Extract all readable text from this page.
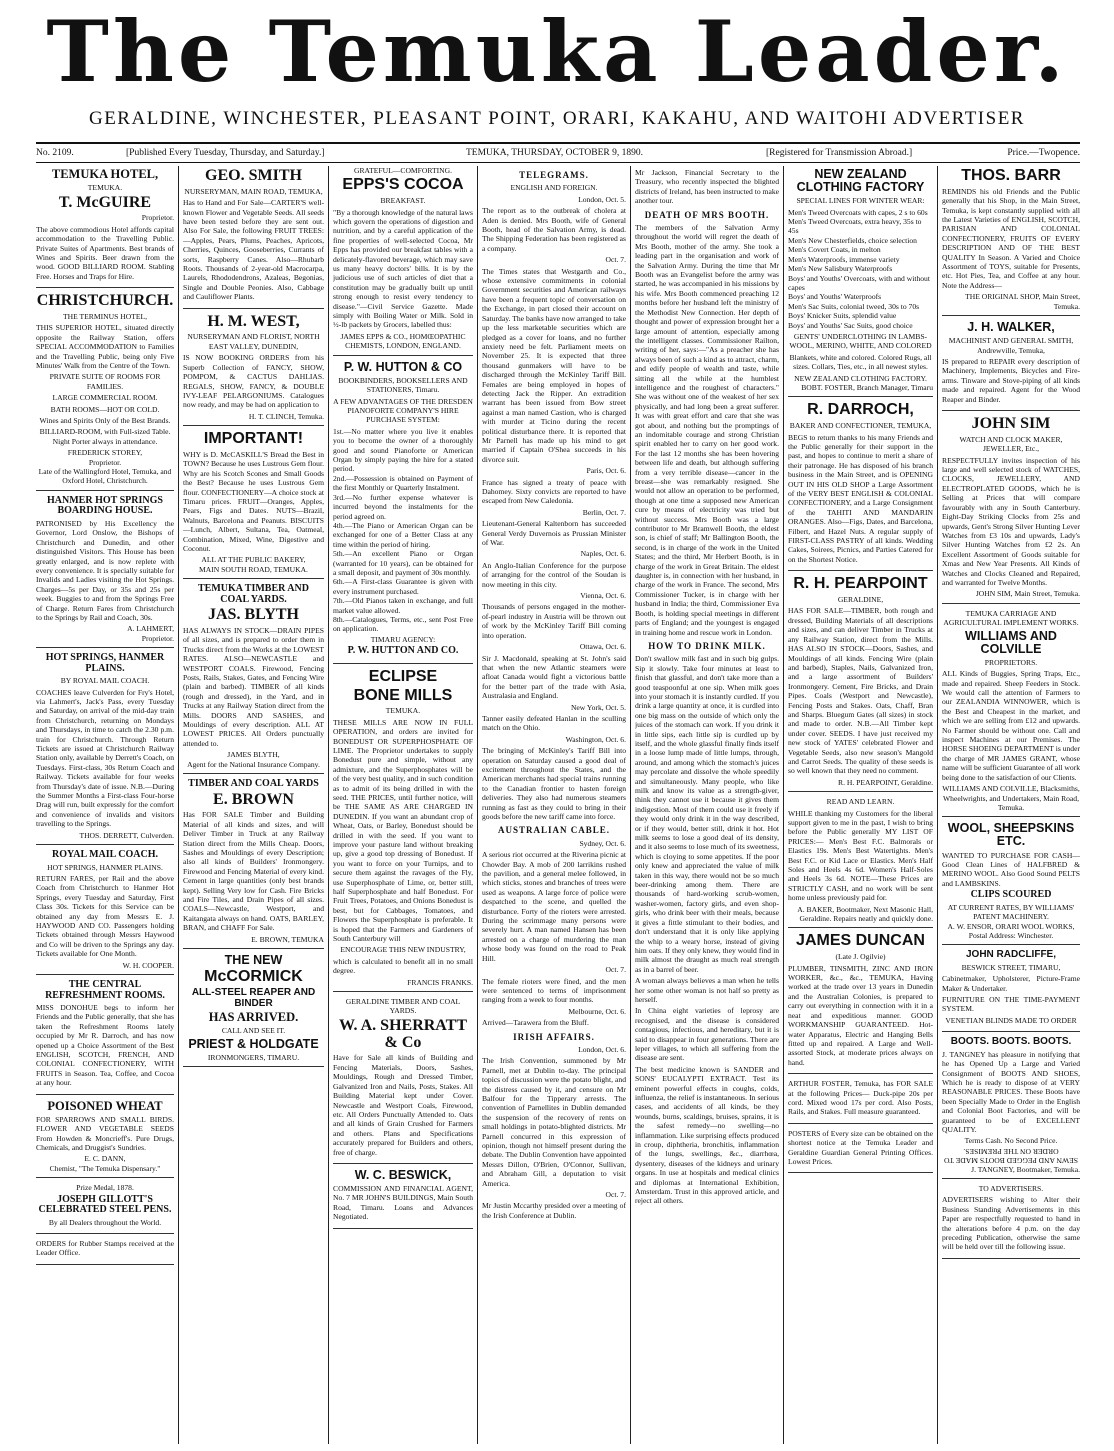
The Temuka Leader.
GERALDINE, WINCHESTER, PLEASANT POINT, ORARI, KAKAHU, AND WAITOHI ADVERTISER
No. 2109.	[Published Every Tuesday, Thursday, and Saturday.]	TEMUKA, THURSDAY, OCTOBER 9, 1890.	[Registered for Transmission Abroad.]	Price.—Twopence.
TEMUKA HOTEL,
TEMUKA.
T. McGUIRE
Proprietor.

The above commodious Hotel affords capital accommodation to the Travelling Public. Private Suites of Apartments. Best brands of Wines and Spirits. Beer drawn from the wood. GOOD BILLIARD ROOM. Stabling Free. Horses and Traps for Hire.

CHRISTCHURCH.
THE TERMINUS HOTEL,

THIS SUPERIOR HOTEL, situated directly opposite the Railway Station, offers SPECIAL ACCOMMODATION to Families and the Travelling Public, being only Five Minutes' Walk from the Centre of the Town.

PRIVATE SUITE OF ROOMS FOR FAMILIES.

LARGE COMMERCIAL ROOM.

BATH ROOMS—HOT OR COLD.

Wines and Spirits Only of the Best Brands.

BILLIARD-ROOM, with Full-sized Table. Night Porter always in attendance.

FREDERICK STOREY,
Proprietor.
Late of the Wallingford Hotel, Temuka, and Oxford Hotel, Christchurch.
HANMER HOT SPRINGS BOARDING HOUSE.

PATRONISED by His Excellency the Governor, Lord Onslow, the Bishops of Christchurch and Dunedin, and other distinguished Visitors. This House has been greatly enlarged, and is now replete with every convenience. It is specially suitable for Invalids and Ladies visiting the Hot Springs. Charges—5s per Day, or 35s and 25s per week. Buggies to and from the Springs Free of Charge. Return Fares from Christchurch to the Springs by Rail and Coach, 30s.

A. LAHMERT,
Proprietor.
HOT SPRINGS, HANMER PLAINS.
BY ROYAL MAIL COACH.

COACHES leave Culverden for Fry's Hotel, via Lahmert's, Jack's Pass, every Tuesday and Saturday, on arrival of the mid-day train from Christchurch, returning on Mondays and Thursdays, in time to catch the 2.30 p.m. train for Christchurch. Through Return Tickets are issued at Christchurch Railway Station only, available by Derrett's Coach, on Tuesdays. First-class, 30s Return Coach and Railway. Tickets available for four weeks from Thursday's date of issue. N.B.—During the Summer Months a First-class Four-horse Drag will run, built expressly for the comfort and convenience of invalids and visitors travelling to the Springs.

THOS. DERRETT, Culverden.
ROYAL MAIL COACH.
HOT SPRINGS, HANMER PLAINS.

RETURN FARES, per Rail and the above Coach from Christchurch to Hanmer Hot Springs, every Tuesday and Saturday, First Class 30s. Tickets for this Service can be obtained any day from Messrs E. J. HAYWOOD AND CO. Passengers holding Tickets obtained through Messrs Haywood and Co will be driven to the Springs any day. Tickets available for One Month.

W. H. COOPER.
THE CENTRAL REFRESHMENT ROOMS.

MISS DONOHUE begs to inform her Friends and the Public generally, that she has taken the Refreshment Rooms lately occupied by Mr R. Darroch, and has now opened up a Choice Assortment of the Best ENGLISH, SCOTCH, FRENCH, AND COLONIAL CONFECTIONERY, WITH FRUITS in Season. Tea, Coffee, and Cocoa at any hour.

POISONED WHEAT

FOR SPARROWS AND SMALL BIRDS. FLOWER AND VEGETABLE SEEDS From Howden & Moncrieff's. Pure Drugs, Chemicals, and Druggist's Sundries.

E. C. DANN,
Chemist, "The Temuka Dispensary."
Prize Medal, 1878.
JOSEPH GILLOTT'S CELEBRATED STEEL PENS.

By all Dealers throughout the World.

ORDERS for Rubber Stamps received at the Leader Office.

GEO. SMITH
NURSERYMAN, MAIN ROAD, TEMUKA,

Has to Hand and For Sale—CARTER'S well-known Flower and Vegetable Seeds. All seeds have been tested before they are sent out. Also For Sale, the following FRUIT TREES:—Apples, Pears, Plums, Peaches, Apricots, Cherries, Quinces, Gooseberries, Currants of sorts, Raspberry Canes. Also—Rhubarb Roots. Thousands of 2-year-old Macrocarpa, Laurels, Rhododendrons, Azaleas, Begonias, Single and Double Peonies. Also, Cabbage and Cauliflower Plants.

H. M. WEST,
NURSERYMAN AND FLORIST, NORTH EAST VALLEY, DUNEDIN,

IS NOW BOOKING ORDERS from his Superb Collection of FANCY, SHOW, POMPOM, & CACTUS DAHLIAS. REGALS, SHOW, FANCY, & DOUBLE IVY-LEAF PELARGONIUMS. Catalogues now ready, and may be had on application to

H. T. CLINCH, Temuka.
IMPORTANT!

WHY is D. McCASKILL'S Bread the Best in TOWN? Because he uses Lustrous Gem flour. Why are his Scotch Scones and Small Goods the Best? Because he uses Lustrous Gem flour. CONFECTIONERY—A choice stock at Timaru prices. FRUIT—Oranges, Apples, Pears, Figs and Dates. NUTS—Brazil, Walnuts, Barcelona and Peanuts. BISCUITS—Lunch, Albert, Sultana, Tea, Oatmeal, Combination, Mixed, Wine, Digestive and Coconut.

ALL AT THE PUBLIC BAKERY,
MAIN SOUTH ROAD, TEMUKA.
TEMUKA TIMBER AND COAL YARDS.
JAS. BLYTH

HAS ALWAYS IN STOCK—DRAIN PIPES of all sizes, and is prepared to order them in Trucks direct from the Works at the LOWEST RATES. ALSO—NEWCASTLE and WESTPORT COALS. Firewood, Fencing Posts, Rails, Stakes, Gates, and Fencing Wire (plain and barbed). TIMBER of all kinds (rough and dressed), in the Yard, and in Trucks at any Railway Station direct from the Mills. DOORS AND SASHES, and Mouldings of every description. ALL AT LOWEST PRICES. All Orders punctually attended to.

JAMES BLYTH,
Agent for the National Insurance Company.
TIMBER AND COAL YARDS
E. BROWN

Has FOR SALE Timber and Building Material of all kinds and sizes, and will Deliver Timber in Truck at any Railway Station direct from the Mills Cheap. Doors, Sashes and Mouldings of every Description; also all kinds of Builders' Ironmongery. Firewood and Fencing Material of every kind. Cement in large quantities (only best brands kept). Selling Very low for Cash. Fire Bricks and Fire Tiles, and Drain Pipes of all sizes. COALS—Newcastle, Westport, and Kaitangata always on hand. OATS, BARLEY, BRAN, and CHAFF For Sale.

E. BROWN, TEMUKA
THE NEW
McCORMICK
ALL-STEEL REAPER AND BINDER
HAS ARRIVED.
CALL AND SEE IT.
PRIEST & HOLDGATE
IRONMONGERS, TIMARU.
GRATEFUL—COMFORTING.
EPPS'S COCOA
BREAKFAST.

"By a thorough knowledge of the natural laws which govern the operations of digestion and nutrition, and by a careful application of the fine properties of well-selected Cocoa, Mr Epps has provided our breakfast tables with a delicately-flavored beverage, which may save us many heavy doctors' bills. It is by the judicious use of such articles of diet that a constitution may be gradually built up until strong enough to resist every tendency to disease."—Civil Service Gazette. Made simply with Boiling Water or Milk. Sold in ½-lb packets by Grocers, labelled thus:

JAMES EPPS & CO., HOMŒOPATHIC CHEMISTS, LONDON, ENGLAND.
P. W. HUTTON & CO
BOOKBINDERS, BOOKSELLERS AND STATIONERS, Timaru.

A FEW ADVANTAGES OF THE DRESDEN PIANOFORTE COMPANY'S HIRE PURCHASE SYSTEM:

1st.—No matter where you live it enables you to become the owner of a thoroughly good and sound Pianoforte or American Organ by simply paying the hire for a stated period.
2nd.—Possession is obtained on Payment of the first Monthly or Quarterly Instalment.
3rd.—No further expense whatever is incurred beyond the instalments for the period agreed on.
4th.—The Piano or American Organ can be exchanged for one of a Better Class at any time within the period of hiring.
5th.—An excellent Piano or Organ (warranted for 10 years), can be obtained for a small deposit, and payment of 30s monthly.
6th.—A First-class Guarantee is given with every instrument purchased.
7th.—Old Pianos taken in exchange, and full market value allowed.
8th.—Catalogues, Terms, etc., sent Post Free on application.
TIMARU AGENCY:
P. W. HUTTON AND CO.
ECLIPSE
BONE MILLS
TEMUKA.

THESE MILLS ARE NOW IN FULL OPERATION, and orders are invited for BONEDUST OR SUPERPHOSPHATE OF LIME. The Proprietor undertakes to supply Bonedust pure and simple, without any admixture, and the Superphosphates will be of the very best quality, and in such condition as to admit of its being drilled in with the seed. THE PRICES, until further notice, will be THE SAME AS ARE CHARGED IN DUNEDIN. If you want an abundant crop of Wheat, Oats, or Barley, Bonedust should be drilled in with the seed. If you want to improve your pasture land without breaking up, give a good top dressing of Bonedust. If you want to force on your Turnips, and to secure them against the ravages of the Fly, use Superphosphate of Lime, or, better still, half Superphosphate and half Bonedust. For Fruit Trees, Potatoes, and Onions Bonedust is best, but for Cabbages, Tomatoes, and Flowers the Superphosphate is preferable. It is hoped that the Farmers and Gardeners of South Canterbury will

ENCOURAGE THIS NEW INDUSTRY,

which is calculated to benefit all in no small degree.

FRANCIS FRANKS.
GERALDINE TIMBER AND COAL YARDS.
W. A. SHERRATT & Co

Have for Sale all kinds of Building and Fencing Materials, Doors, Sashes, Mouldings, Rough and Dressed Timber, Galvanized Iron and Nails, Posts, Stakes. All Building Material kept under Cover. Newcastle and Westport Coals, Firewood, etc. All Orders Punctually Attended to. Oats and all kinds of Grain Crushed for Farmers and others. Plans and Specifications accurately prepared for Builders and others, free of charge.

W. C. BESWICK,

COMMISSION AND FINANCIAL AGENT, No. 7 MR JOHN'S BUILDINGS, Main South Road, Timaru. Loans and Advances Negotiated.

TELEGRAMS.
ENGLISH AND FOREIGN.
London, Oct. 5.

The report as to the outbreak of cholera at Aden is denied. Mrs Booth, wife of General Booth, head of the Salvation Army, is dead. The Shipping Federation has been registered as a company.

Oct. 7.

The Times states that Westgarth and Co., whose extensive commitments in colonial Government securities and American railways have been a frequent topic of conversation on the Exchange, in part closed their account on Saturday. The banks have now arranged to take up the less marketable securities which are pledged as a cover for loans, and no further anxiety need be felt. Parliament meets on November 25. It is expected that three thousand gunmakers will have to be discharged through the McKinley Tariff Bill. Females are being employed in hopes of detecting Jack the Ripper. An extradition warrant has been issued from Bow street against a man named Castion, who is charged with murder at Ticino during the recent political disturbance there. It is reported that Mr Parnell has made up his mind to get married if Captain O'Shea succeeds in his divorce suit.

Paris, Oct. 6.

France has signed a treaty of peace with Dahomey. Sixty convicts are reported to have escaped from New Caledonia.

Berlin, Oct. 7.

Lieutenant-General Kaltenborn has succeeded General Verdy Duvernois as Prussian Minister of War.

Naples, Oct. 6.

An Anglo-Italian Conference for the purpose of arranging for the control of the Soudan is now meeting in this city.

Vienna, Oct. 6.

Thousands of persons engaged in the mother-of-pearl industry in Austria will be thrown out of work by the McKinley Tariff Bill coming into operation.

Ottawa, Oct. 6.

Sir J. Macdonald, speaking at St. John's said that when the new Atlantic steamers were afloat Canada would fight a victorious battle for the better part of the trade with Asia, Australasia and England.

New York, Oct. 5.

Tanner easily defeated Hanlan in the sculling match on the Ohio.

Washington, Oct. 6.

The bringing of McKinley's Tariff Bill into operation on Saturday caused a good deal of excitement throughout the States, and the American merchants had special trains running to the Canadian frontier to hasten foreign deliveries. They also had numerous steamers running as fast as they could to bring in their goods before the new tariff came into force.

AUSTRALIAN CABLE.
Sydney, Oct. 6.

A serious riot occurred at the Riverina picnic at Chowder Bay. A mob of 200 larrikins rushed the pavilion, and a general melee followed, in which sticks, stones and branches of trees were used as weapons. A large force of police were despatched to the scene, and quelled the disturbance. Forty of the rioters were arrested. During the scrimmage many persons were severely hurt. A man named Hansen has been arrested on a charge of murdering the man whose body was found on the road to Peak Hill.

Oct. 7.

The female rioters were fined, and the men were sentenced to terms of imprisonment ranging from a week to four months.

Melbourne, Oct. 6.

Arrived—Tarawera from the Bluff.

IRISH AFFAIRS.
London, Oct. 6.

The Irish Convention, summoned by Mr Parnell, met at Dublin to-day. The principal topics of discussion were the potato blight, and the distress caused by it, and censure on Mr Balfour for the Tipperary arrests. The convention of Parnellites in Dublin demanded the suspension of the recovery of rents on small holdings in potato-blighted districts. Mr Parnell concurred in this expression of opinion, though not himself present during the debate. The Dublin Convention have appointed Messrs Dillon, O'Brien, O'Connor, Sullivan, and Abraham Gill, a deputation to visit America.

Oct. 7.

Mr Justin Mccarthy presided over a meeting of the Irish Conference at Dublin.

Mr Jackson, Financial Secretary to the Treasury, who recently inspected the blighted districts of Ireland, has been instructed to make another tour.

DEATH OF MRS BOOTH.

The members of the Salvation Army throughout the world will regret the death of Mrs Booth, mother of the army. She took a leading part in the organisation and work of the Salvation Army. During the time that Mr Booth was an Evangelist before the army was started, he was accompanied in his missions by his wife. Mrs Booth commenced preaching 12 months before her husband left the ministry of the Methodist New Connection. Her depth of thought and power of expression brought her a large amount of attention, especially among the intelligent classes. Commissioner Railton, writing of her, says:—"As a preacher she has always been of such a kind as to attract, charm, and edify people of wealth and taste, while sitting all the while at the humblest intelligence and the roughest of characters." She was without one of the weakest of her sex physically, and had long been a great sufferer. It was with great effort and care that she was got about, and nothing but the promptings of an indomitable courage and strong Christian spirit enabled her to carry on her good work. For the last 12 months she has been hovering between life and death, but although suffering from a very terrible disease—cancer in the breast—she was remarkably resigned. She would not allow an operation to be performed, though at one time a supposed new American cure by means of electricity was tried but without success. Mrs Booth was a large contributor to Mr Bramwell Booth, the eldest son, is chief of staff; Mr Ballington Booth, the second, is in charge of the work in the United States; and the third, Mr Herbert Booth, is in charge of the work in Great Britain. The eldest daughter is, in connection with her husband, in charge of the work in France. The second, Mrs Commissioner Tucker, is in charge with her husband in India; the third, Commissioner Eva Booth, is holding special meetings in different parts of England; and the youngest is engaged in training home and rescue work in London.

HOW TO DRINK MILK.

Don't swallow milk fast and in such big gulps. Sip it slowly. Take four minutes at least to finish that glassful, and don't take more than a good teaspoonful at one sip. When milk goes into your stomach it is instantly curdled. If you drink a large quantity at once, it is curdled into one big mass on the outside of which only the juices of the stomach can work. If you drink it in little sips, each little sip is curdled up by itself, and the whole glassful finally finds itself in a loose lump made of little lumps, through, around, and among which the stomach's juices may percolate and dissolve the whole speedily and simultaneously. Many people, who like milk and know its value as a strength-giver, think they cannot use it because it gives them indigestion. Most of them could use it freely if they would only drink it in the way described, or if they would, better still, drink it hot. Hot milk seems to lose a good deal of its density, and it also seems to lose much of its sweetness, which is cloying to some appetites. If the poor only knew and appreciated the value of milk taken in this way, there would not be so much beer-drinking among them. There are thousands of hard-working scrub-women, washer-women, factory girls, and even shop-girls, who drink beer with their meals, because it gives a fittle stimulant to their bodies, and don't understand that it is only like applying the whip to a weary horse, instead of giving him oats. If they only knew, they would find in milk almost the draught as much real strength as in a barrel of beer.

A woman always believes a man when he tells her some other woman is not half so pretty as herself.

In China eight varieties of leprosy are recognised, and the disease is considered contagious, infectious, and hereditary, but it is said to disappear in four generations. There are leper villages, to which all suffering from the disease are sent.

The best medicine known is SANDER and SONS' EUCALYPTI EXTRACT. Test its eminent powerful effects in coughs, colds, influenza, the relief is instantaneous. In serious cases, and accidents of all kinds, be they wounds, burns, scaldings, bruises, sprains, it is the safest remedy—no swelling—no inflammation. Like surprising effects produced in croup, diphtheria, bronchitis, inflammation of the lungs, swellings, &c., diarrhœa, dysentery, diseases of the kidneys and urinary organs. In use at hospitals and medical clinics and diplomas at International Exhibition, Amsterdam. Trust in this approved article, and reject all others.

NEW ZEALAND CLOTHING FACTORY

SPECIAL LINES FOR WINTER WEAR:

Men's Tweed Overcoats with capes, 2 s to 60s
Men's Tweed Overcoats, extra heavy, 35s to 45s
Men's New Chesterfields, choice selection
Men's Covert Coats, in melton
Men's Waterproofs, immense variety
Men's New Salisbury Waterproofs
Boys' and Youths' Overcoats, with and without capes
Boys' and Youths' Waterproofs
Men's Sac Suits, colonial tweed, 30s to 70s
Boys' Knicker Suits, splendid value
Boys' and Youths' Sac Suits, good choice

GENTS' UNDERCLOTHING IN LAMBS-WOOL, MERINO, WHITE, AND COLORED

Blankets, white and colored. Colored Rugs, all sizes. Collars, Ties, etc., in all newest styles.

NEW ZEALAND CLOTHING FACTORY.
BOBT. FOSTER, Branch Manager, Timaru
R. DARROCH,
BAKER AND CONFECTIONER, TEMUKA,

BEGS to return thanks to his many Friends and the Public generally for their support in the past, and hopes to continue to merit a share of their patronage. He has disposed of his branch business in the Main Street, and is OPENING OUT IN HIS OLD SHOP a Large Assortment of the VERY BEST ENGLISH & COLONIAL CONFECTIONERY, and a Large Consignment of the TAHITI AND MANDARIN ORANGES. Also—Figs, Dates, and Barcelona, Filbert, and Hazel Nuts. A regular supply of FIRST-CLASS PASTRY of all kinds. Wedding Cakes, Soirees, Picnics, and Parties Catered for on the Shortest Notice.

R. H. PEARPOINT
GERALDINE,

HAS FOR SALE—TIMBER, both rough and dressed, Building Materials of all descriptions and sizes, and can deliver Timber in Trucks at any Railway Station, direct from the Mills. HAS ALSO IN STOCK—Doors, Sashes, and Mouldings of all kinds. Fencing Wire (plain and barbed), Staples, Nails, Galvanized Iron, and a large assortment of Builders' Ironmongery. Cement, Fire Bricks, and Drain Pipes. Coals (Westport and Newcastle), Fencing Posts and Stakes. Oats, Chaff, Bran and Sharps. Bluegum Gates (all sizes) in stock and made to order. N.B.—All Timber kept under cover. SEEDS. I have just received my new stock of YATES' celebrated Flower and Vegetable Seeds, also new season's Mangold and Carrot Seeds. The quality of these seeds is so well known that they need no comment.

R. H. PEARPOINT, Geraldine.
READ AND LEARN.

WHILE thanking my Customers for the liberal support given to me in the past, I wish to bring before the Public generally MY LIST OF PRICES:— Men's Best F.C. Balmorals or Elastics 19s. Men's Best Watertights. Men's Best F.C. or Kid Lace or Elastics. Men's Half Soles and Heels 4s 6d. Women's Half-Soles and Heels 3s 6d. NOTE—These Prices are STRICTLY CASH, and no work will be sent home unless previously paid for.

A. BAKER, Bootmaker, Next Masonic Hall, Geraldine. Repairs neatly and quickly done.
JAMES DUNCAN
(Late J. Ogilvie)

PLUMBER, TINSMITH, ZINC AND IRON WORKER, &c., &c., TEMUKA, Having worked at the trade over 13 years in Dunedin and the Australian Colonies, is prepared to carry out everything in connection with it in a neat and expeditious manner. GOOD WORKMANSHIP GUARANTEED. Hot-water Apparatus, Electric and Hanging Bells fitted up and repaired. A Large and Well-assorted Stock, at moderate prices always on hand.

ARTHUR FOSTER, Temuka, has FOR SALE at the following Prices— Duck-pipe 20s per cord. Mixed wood 17s per cord. Also Posts, Rails, and Stakes. Full measure guaranteed.

POSTERS of Every size can be obtained on the shortest notice at the Temuka Leader and Geraldine Guardian General Printing Offices. Lowest Prices.

THOS. BARR

REMINDS his old Friends and the Public generally that his Shop, in the Main Street, Temuka, is kept constantly supplied with all the Latest Varieties of ENGLISH, SCOTCH, PARISIAN AND COLONIAL CONFECTIONERY, FRUITS OF EVERY DESCRIPTION AND OF THE BEST QUALITY In Season. A Varied and Choice Assortment of TOYS, suitable for Presents, etc. Hot Pies, Tea, and Coffee at any hour. Note the Address—

THE ORIGINAL SHOP, Main Street, Temuka.
J. H. WALKER,
MACHINIST AND GENERAL SMITH, Andrewville, Temuka,

IS prepared to REPAIR every description of Machinery, Implements, Bicycles and Fire-arms. Tinware and Stove-piping of all kinds made and repaired. Agent for the Wood Reaper and Binder.

JOHN SIM
WATCH AND CLOCK MAKER, JEWELLER, Etc.,

RESPECTFULLY invites inspection of his large and well selected stock of WATCHES, CLOCKS, JEWELLERY, AND ELECTROPLATED GOODS, which he is Selling at Prices that will compare favourably with any in South Canterbury. Eight-Day Striking Clocks from 25s and upwards, Gent's Strong Silver Hunting Lever Watches from £3 10s and upwards, Lady's Silver Hunting Watches from £2 2s. An Excellent Assortment of Goods suitable for Xmas and New Year Presents. All Kinds of Watches and Clocks Cleaned and Repaired, and warranted for Twelve Months.

JOHN SIM, Main Street, Temuka.
TEMUKA CARRIAGE AND AGRICULTURAL IMPLEMENT WORKS.
WILLIAMS AND COLVILLE
PROPRIETORS.

ALL Kinds of Buggies, Spring Traps, Etc., made and repaired. Sheep Feeders in Stock. We would call the attention of Farmers to our ZEALANDIA WINNOWER, which is the Best and Cheapest in the market, and which we are selling from £12 and upwards. No Farmer should be without one. Call and inspect Machines at our Premises. The HORSE SHOEING DEPARTMENT is under the charge of MR JAMES GRANT, whose name will be sufficient Guarantee of all work being done to the satisfaction of our Clients.

WILLIAMS AND COLVILLE, Blacksmiths, Wheelwrights, and Undertakers, Main Road, Temuka.
WOOL, SHEEPSKINS ETC.

WANTED TO PURCHASE FOR CASH—Good Clean Lines of HALFBRED & MERINO WOOL. Also Good Sound PELTS and LAMBSKINS.

CLIPS SCOURED
AT CURRENT RATES, BY WILLIAMS' PATENT MACHINERY.
A. W. ENSOR, ORARI WOOL WORKS, Postal Address: Winchester.
JOHN RADCLIFFE,
BESWICK STREET, TIMARU,

Cabinetmaker, Upholsterer, Picture-Frame Maker & Undertaker.

FURNITURE ON THE TIME-PAYMENT SYSTEM.

VENETIAN BLINDS MADE TO ORDER

BOOTS. BOOTS. BOOTS.

J. TANGNEY has pleasure in notifying that he has Opened Up a Large and Varied Consignment of BOOTS AND SHOES, Which he is ready to dispose of at VERY REASONABLE PRICES. These Boots have been Specially Made to Order in the English and Colonial Boot Factories, and will be guaranteed to be of EXCELLENT QUALITY.

Terms Cash. No Second Price.
SEWN AND PEGGED BOOTS MADE TO ORDER ON THE PREMISES.
J. TANGNEY, Bootmaker, Temuka.
TO ADVERTISERS.

ADVERTISERS wishing to Alter their Business Standing Advertisements in this Paper are respectfully requested to hand in the alterations before 4 p.m. on the day preceding Publication, otherwise the same will be held over till the following issue.
